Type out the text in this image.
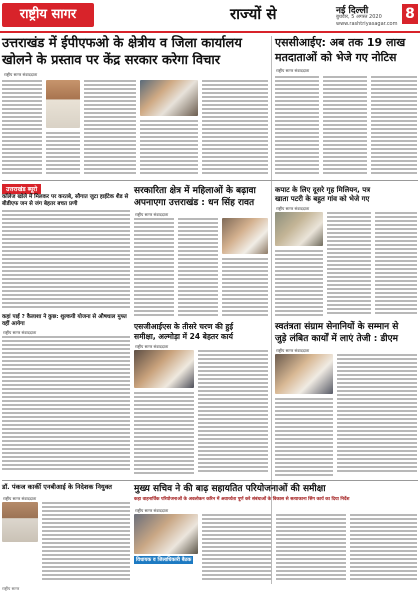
राष्ट्रीय सागर	राज्यों से	नई दिल्ली
बुधवार, 5 अगस्त 2020
www.rashtriyasagar.com
8
उत्तराखंड में ईपीएफओ के क्षेत्रीय व जिला कार्यालय
खोलने के प्रस्ताव पर केंद्र सरकार करेगा विचार
राष्ट्रीय सागर संवाददाता
एससीआईए: अब तक 19 लाख
मतदाताओं को भेजे गए नोटिस
राष्ट्रीय सागर संवाददाता
उत्तराखंड ब्यूरो
कॉलेज खोले में मिलकर पर करतबे, सौगात जुटा हाईटेक शैड से बीडीएफ जन से जंग बेहतर बचत प्रणी
कहां पाईं ? कैलाशा ने कुछ: शुल्कयी योजना से औषधाल मुफ्त वहीं आयेगा
राष्ट्रीय सागर संवाददाता
सरकारिता क्षेत्र में महिलाओं के बढ़ावा
अपनाएगा उत्तराखंड : धन सिंह रावत
राष्ट्रीय सागर संवाददाता
कपाट के लिए दूसरे गृह मिलियन, पत्र
खाता पटरी के बहुत गांव को भेजे गए
राष्ट्रीय सागर संवाददाता
एसजीआईएस के तीसरे चरण की हुई
समीक्षा, अल्मोड़ा में 24 बेहतर कार्य
राष्ट्रीय सागर संवाददाता
स्वतंत्रता संग्राम सेनानियों के सम्मान से
जुड़े लंबित कार्यों में लाएं तेजी : डीएम
राष्ट्रीय सागर संवाददाता
डॉ. पंकज कार्की एनबीआई के निदेशक नियुक्त
राष्ट्रीय सागर संवाददाता
मुख्य सचिव ने की बाढ़ सहायतित परियोजनाओं की समीक्षा
कहा वाहनार्विक परियोजनाओं के अवलोकन करिन में अवार्थ्यता पूर्ण करे संबंधाओं के विकास से सत्याकाना सिंग कार्य का दिया निर्देश
राष्ट्रीय सागर संवाददाता
विधायक व जिलाधिकारी बैठक
राष्ट्रीय सागर
